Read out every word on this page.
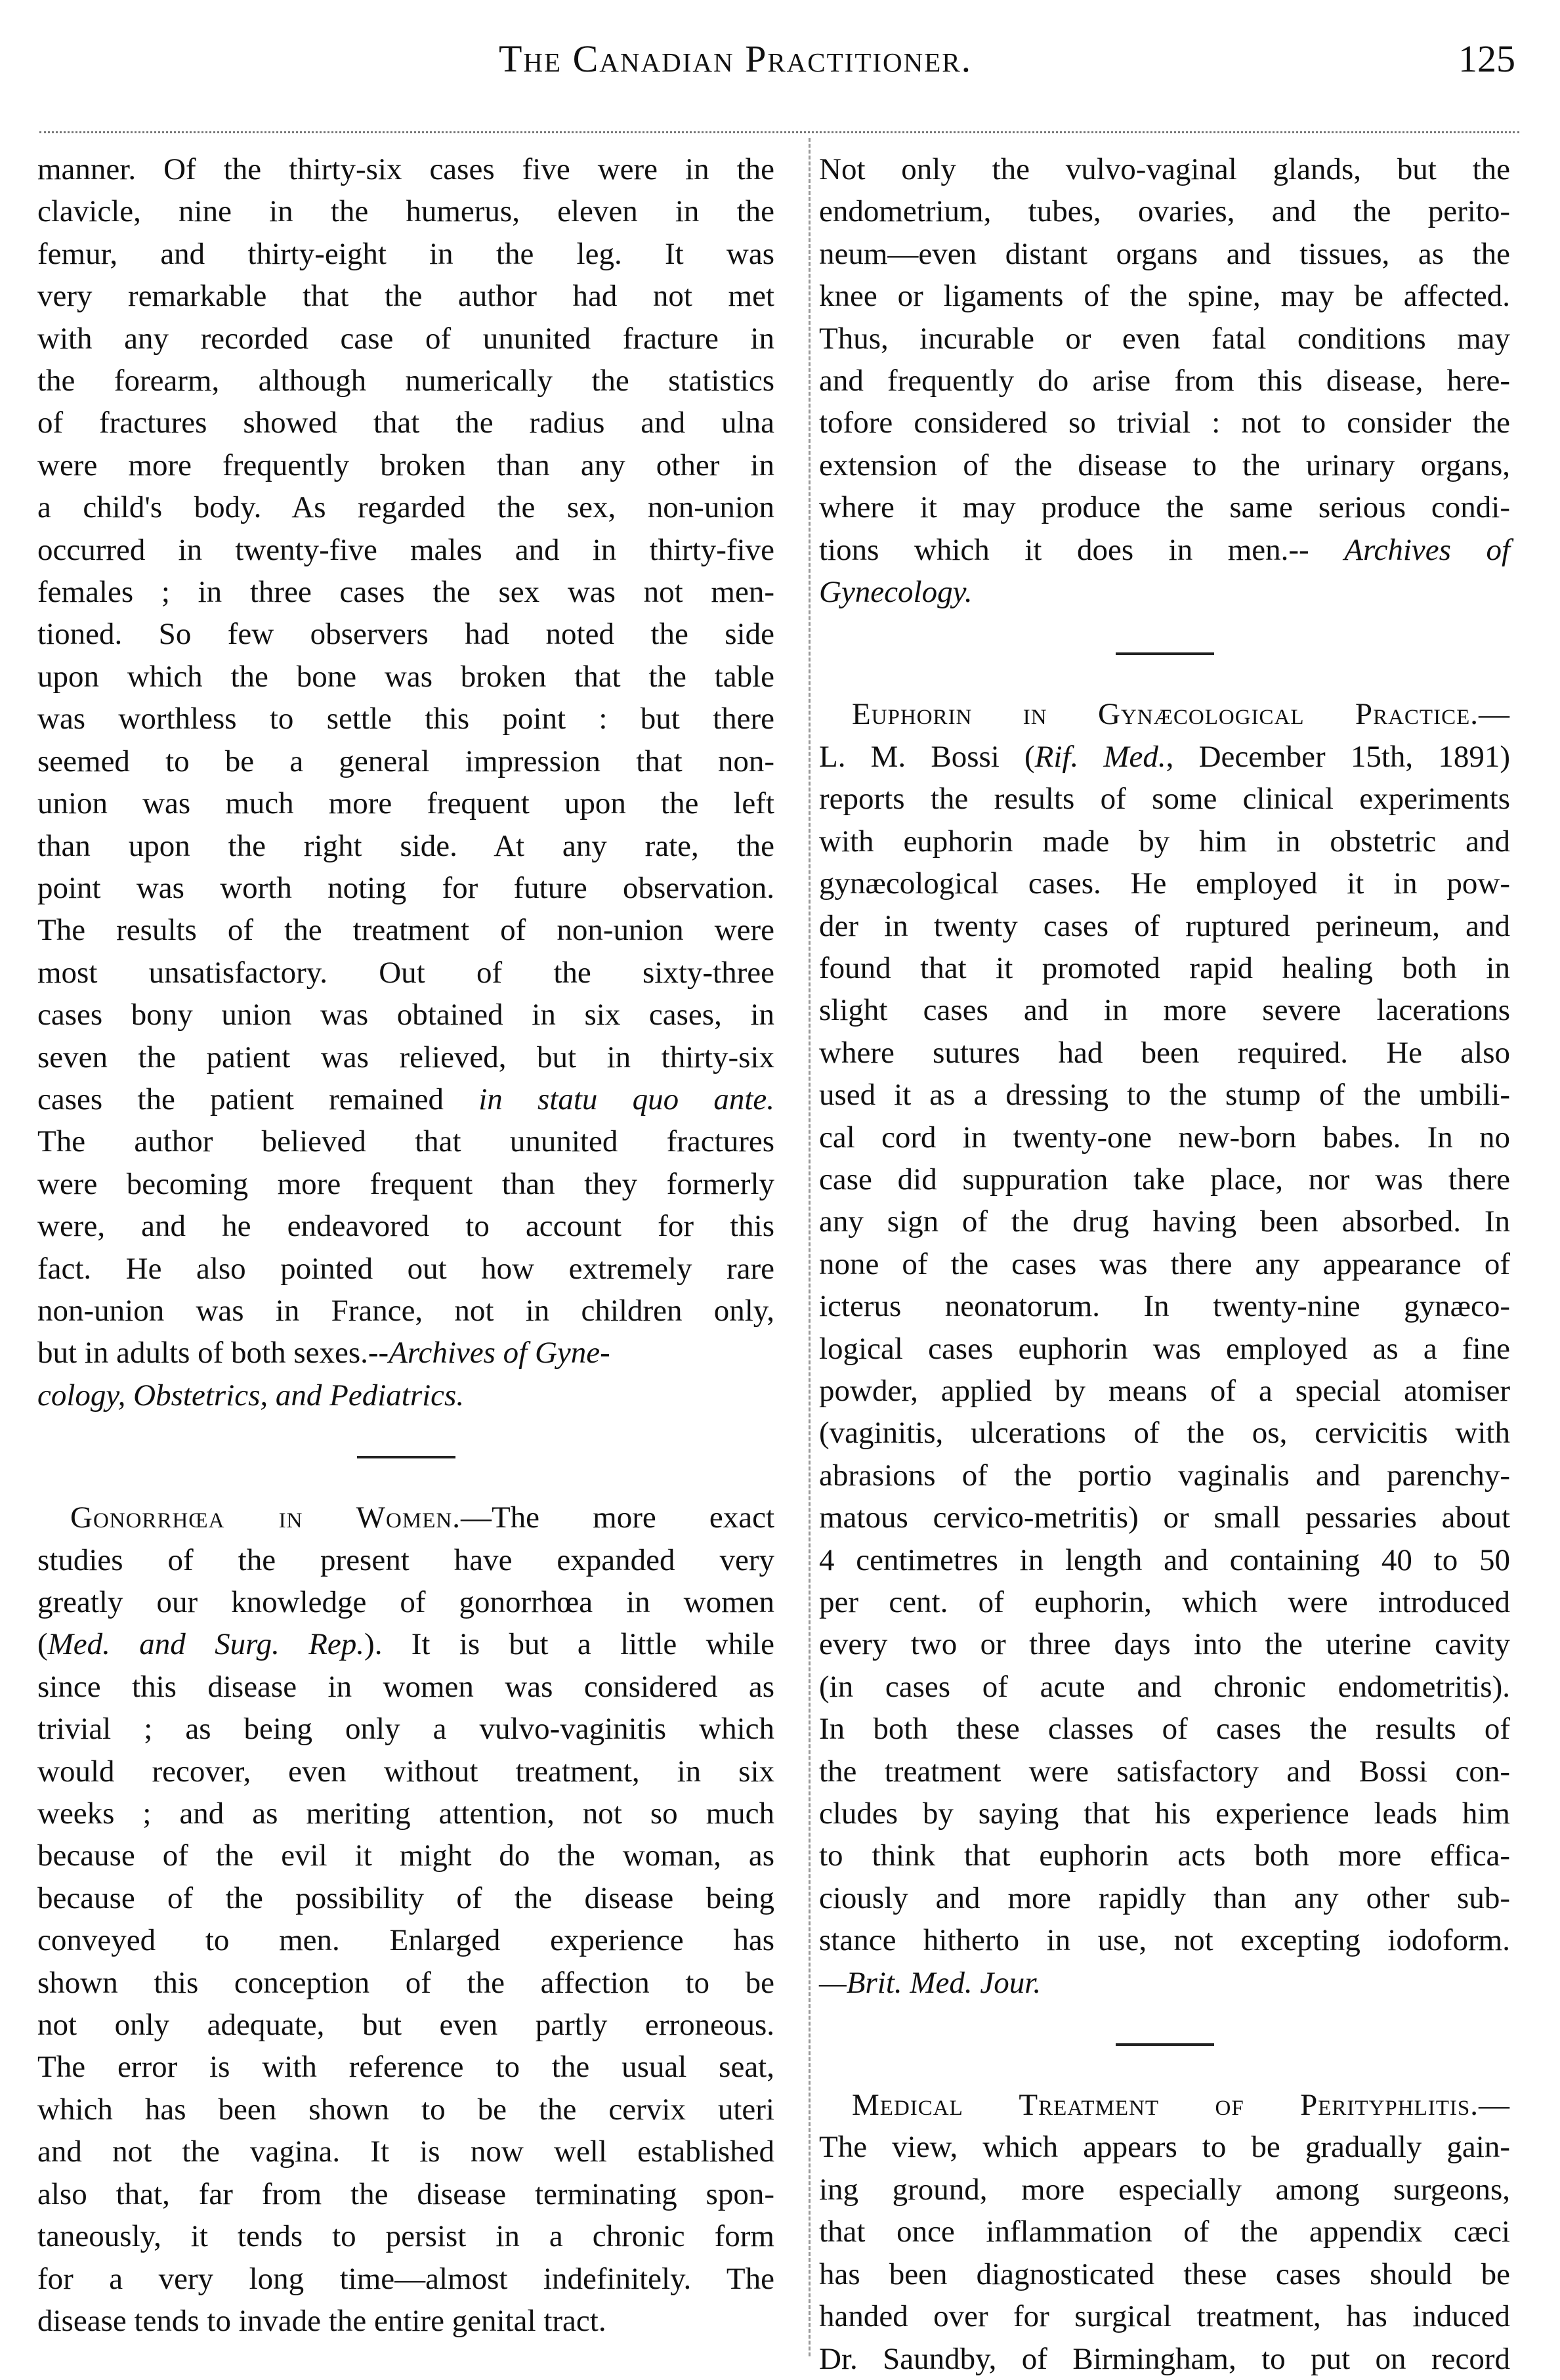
The Canadian Practitioner.	125
manner. Of the thirty-six cases five were in the
clavicle, nine in the humerus, eleven in the
femur, and thirty-eight in the leg. It was
very remarkable that the author had not met
with any recorded case of ununited fracture in
the forearm, although numerically the statistics
of fractures showed that the radius and ulna
were more frequently broken than any other in
a child's body. As regarded the sex, non-union
occurred in twenty-five males and in thirty-five
females ; in three cases the sex was not men-
tioned. So few observers had noted the side
upon which the bone was broken that the table
was worthless to settle this point : but there
seemed to be a general impression that non-
union was much more frequent upon the left
than upon the right side. At any rate, the
point was worth noting for future observation.
The results of the treatment of non-union were
most unsatisfactory. Out of the sixty-three
cases bony union was obtained in six cases, in
seven the patient was relieved, but in thirty-six
cases the patient remained in statu quo ante.
The author believed that ununited fractures
were becoming more frequent than they formerly
were, and he endeavored to account for this
fact. He also pointed out how extremely rare
non-union was in France, not in children only,
but in adults of both sexes.--Archives of Gyne-
cology, Obstetrics, and Pediatrics.
Gonorrhœa in Women.—The more exact
studies of the present have expanded very
greatly our knowledge of gonorrhœa in women
(Med. and Surg. Rep.). It is but a little while
since this disease in women was considered as
trivial ; as being only a vulvo-vaginitis which
would recover, even without treatment, in six
weeks ; and as meriting attention, not so much
because of the evil it might do the woman, as
because of the possibility of the disease being
conveyed to men. Enlarged experience has
shown this conception of the affection to be
not only adequate, but even partly erroneous.
The error is with reference to the usual seat,
which has been shown to be the cervix uteri
and not the vagina. It is now well established
also that, far from the disease terminating spon-
taneously, it tends to persist in a chronic form
for a very long time—almost indefinitely. The
disease tends to invade the entire genital tract.
Not only the vulvo-vaginal glands, but the
endometrium, tubes, ovaries, and the perito-
neum—even distant organs and tissues, as the
knee or ligaments of the spine, may be affected.
Thus, incurable or even fatal conditions may
and frequently do arise from this disease, here-
tofore considered so trivial : not to consider the
extension of the disease to the urinary organs,
where it may produce the same serious condi-
tions which it does in men.-- Archives of
Gynecology.
Euphorin in Gynæcological Practice.—
L. M. Bossi (Rif. Med., December 15th, 1891)
reports the results of some clinical experiments
with euphorin made by him in obstetric and
gynæcological cases. He employed it in pow-
der in twenty cases of ruptured perineum, and
found that it promoted rapid healing both in
slight cases and in more severe lacerations
where sutures had been required. He also
used it as a dressing to the stump of the umbili-
cal cord in twenty-one new-born babes. In no
case did suppuration take place, nor was there
any sign of the drug having been absorbed. In
none of the cases was there any appearance of
icterus neonatorum. In twenty-nine gynæco-
logical cases euphorin was employed as a fine
powder, applied by means of a special atomiser
(vaginitis, ulcerations of the os, cervicitis with
abrasions of the portio vaginalis and parenchy-
matous cervico-metritis) or small pessaries about
4 centimetres in length and containing 40 to 50
per cent. of euphorin, which were introduced
every two or three days into the uterine cavity
(in cases of acute and chronic endometritis).
In both these classes of cases the results of
the treatment were satisfactory and Bossi con-
cludes by saying that his experience leads him
to think that euphorin acts both more effica-
ciously and more rapidly than any other sub-
stance hitherto in use, not excepting iodoform.
—Brit. Med. Jour.
Medical Treatment of Perityphlitis.—
The view, which appears to be gradually gain-
ing ground, more especially among surgeons,
that once inflammation of the appendix cæci
has been diagnosticated these cases should be
handed over for surgical treatment, has induced
Dr. Saundby, of Birmingham, to put on record
